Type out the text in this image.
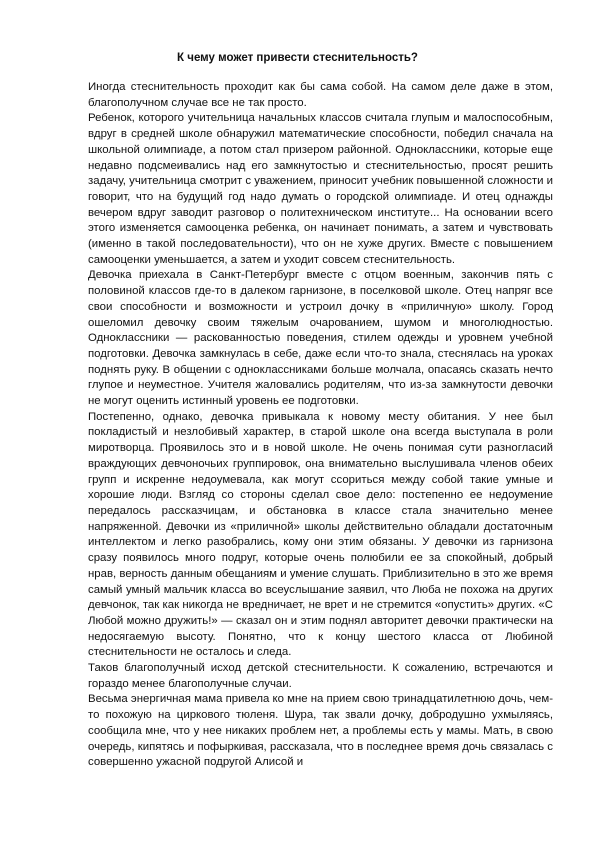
К чему может привести стеснительность?

Иногда стеснительность проходит как бы сама собой. На самом деле даже в этом, благополучном случае все не так просто.

Ребенок, которого учительница начальных классов считала глупым и малоспособным, вдруг в средней школе обнаружил математические способности, победил сначала на школьной олимпиаде, а потом стал призером районной. Одноклассники, которые еще недавно подсмеивались над его замкнутостью и стеснительностью, просят решить задачу, учительница смотрит с уважением, приносит учебник повышенной сложности и говорит, что на будущий год надо думать о городской олимпиаде. И отец однажды вечером вдруг заводит разговор о политехническом институте... На основании всего этого изменяется самооценка ребенка, он начинает понимать, а затем и чувствовать (именно в такой последовательности), что он не хуже других. Вместе с повышением самооценки уменьшается, а затем и уходит совсем стеснительность.

Девочка приехала в Санкт-Петербург вместе с отцом военным, закончив пять с половиной классов где-то в далеком гарнизоне, в поселковой школе. Отец напряг все свои способности и возможности и устроил дочку в «приличную» школу. Город ошеломил девочку своим тяжелым очарованием, шумом и многолюдностью. Одноклассники — раскованностью поведения, стилем одежды и уровнем учебной подготовки. Девочка замкнулась в себе, даже если что-то знала, стеснялась на уроках поднять руку. В общении с одноклассниками больше молчала, опасаясь сказать нечто глупое и неуместное. Учителя жаловались родителям, что из-за замкнутости девочки не могут оценить истинный уровень ее подготовки.

Постепенно, однако, девочка привыкала к новому месту обитания. У нее был покладистый и незлобивый характер, в старой школе она всегда выступала в роли миротворца. Проявилось это и в новой школе. Не очень понимая сути разногласий враждующих девчоночьих группировок, она внимательно выслушивала членов обеих групп и искренне недоумевала, как могут ссориться между собой такие умные и хорошие люди. Взгляд со стороны сделал свое дело: постепенно ее недоумение передалось рассказчицам, и обстановка в классе стала значительно менее напряженной. Девочки из «приличной» школы действительно обладали достаточным интеллектом и легко разобрались, кому они этим обязаны. У девочки из гарнизона сразу появилось много подруг, которые очень полюбили ее за спокойный, добрый нрав, верность данным обещаниям и умение слушать. Приблизительно в это же время самый умный мальчик класса во всеуслышание заявил, что Люба не похожа на других девчонок, так как никогда не вредничает, не врет и не стремится «опустить» других. «С Любой можно дружить!» — сказал он и этим поднял авторитет девочки практически на недосягаемую высоту. Понятно, что к концу шестого класса от Любиной стеснительности не осталось и следа.

Таков благополучный исход детской стеснительности. К сожалению, встречаются и гораздо менее благополучные случаи.

Весьма энергичная мама привела ко мне на прием свою тринадцатилетнюю дочь, чем-то похожую на циркового тюленя. Шура, так звали дочку, добродушно ухмыляясь, сообщила мне, что у нее никаких проблем нет, а проблемы есть у мамы. Мать, в свою очередь, кипятясь и пофыркивая, рассказала, что в последнее время дочь связалась с совершенно ужасной подругой Алисой и
